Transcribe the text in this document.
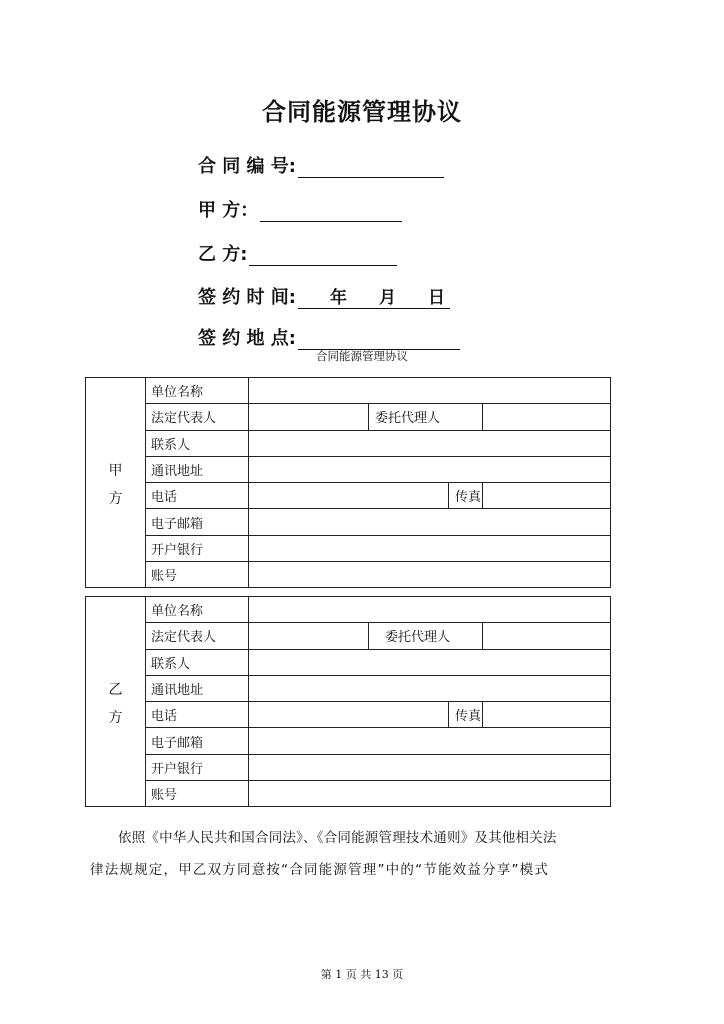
合同能源管理协议
合 同 编 号:
甲 方：
乙 方:
签 约 时 间: 年 月 日
签 约 地 点:
合同能源管理协议
甲
方	单位名称				
	法定代表人		委托代理人		
	联系人				
	通讯地址				
	电话			传真	
	电子邮箱				
	开户银行				
	账号				
乙
方	单位名称				
	法定代表人		委托代理人		
	联系人				
	通讯地址				
	电话			传真	
	电子邮箱				
	开户银行				
	账号				
依照《中华人民共和国合同法》、《合同能源管理技术通则》及其他相关法
律法规规定，甲乙双方同意按“合同能源管理”中的“节能效益分享”模式
第 1 页 共 13 页
